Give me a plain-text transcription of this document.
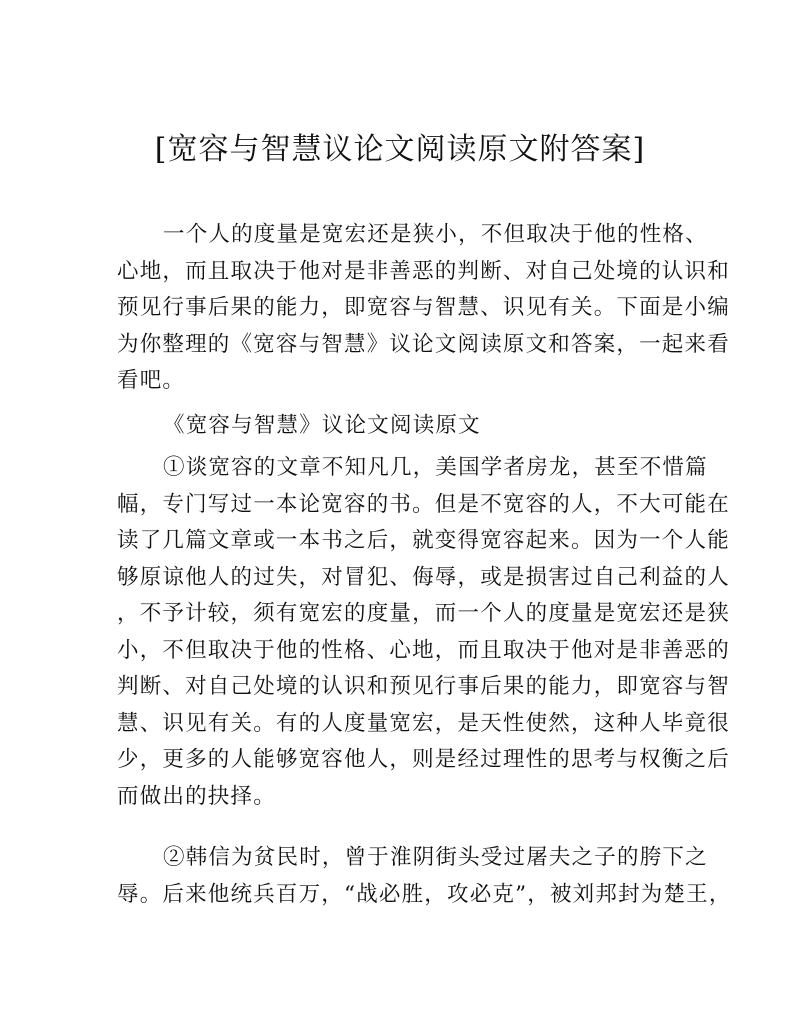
[宽容与智慧议论文阅读原文附答案]
一个人的度量是宽宏还是狭小，不但取决于他的性格、
心地，而且取决于他对是非善恶的判断、对自己处境的认识和
预见行事后果的能力，即宽容与智慧、识见有关。下面是小编
为你整理的《宽容与智慧》议论文阅读原文和答案，一起来看
看吧。
《宽容与智慧》议论文阅读原文
①谈宽容的文章不知凡几，美国学者房龙，甚至不惜篇
幅，专门写过一本论宽容的书。但是不宽容的人，不大可能在
读了几篇文章或一本书之后，就变得宽容起来。因为一个人能
够原谅他人的过失，对冒犯、侮辱，或是损害过自己利益的人
，不予计较，须有宽宏的度量，而一个人的度量是宽宏还是狭
小，不但取决于他的性格、心地，而且取决于他对是非善恶的
判断、对自己处境的认识和预见行事后果的能力，即宽容与智
慧、识见有关。有的人度量宽宏，是天性使然，这种人毕竟很
少，更多的人能够宽容他人，则是经过理性的思考与权衡之后
而做出的抉择。
②韩信为贫民时，曾于淮阴街头受过屠夫之子的胯下之
辱。后来他统兵百万，“战必胜，攻必克”，被刘邦封为楚王，
